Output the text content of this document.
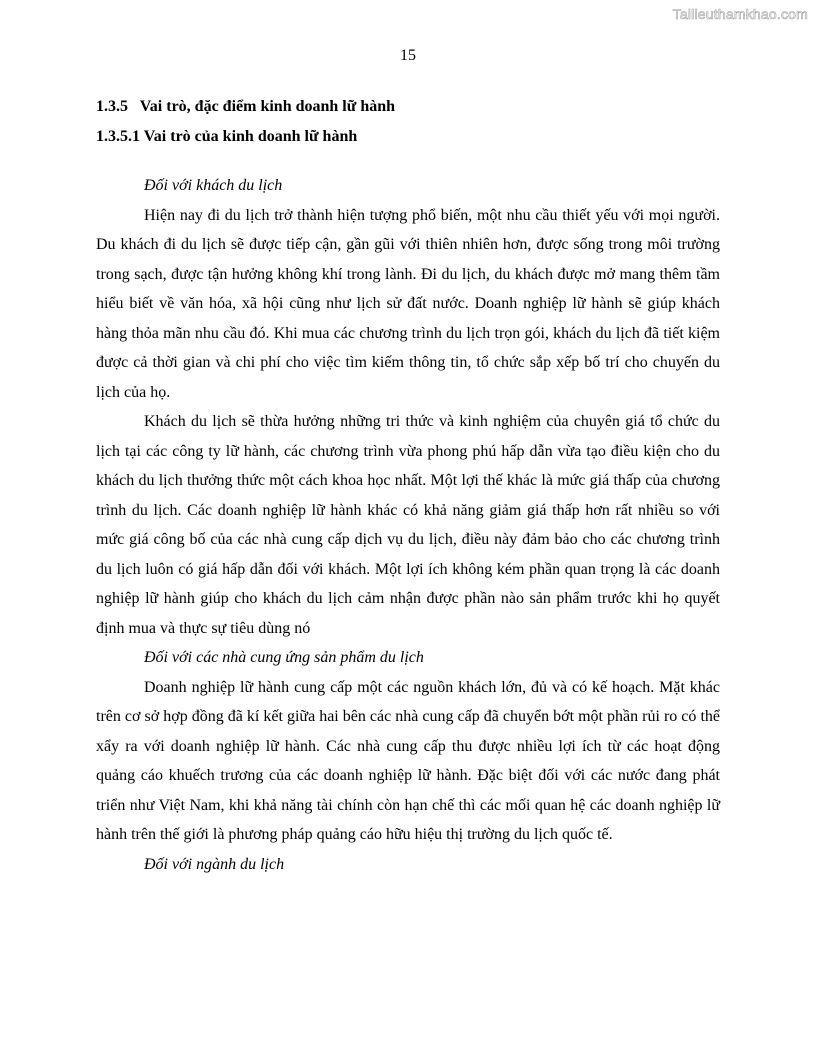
Tailieuthamkhao.com
15

1.3.5   Vai trò, đặc điểm kinh doanh lữ hành

1.3.5.1 Vai trò của kinh doanh lữ hành

Đối với khách du lịch

Hiện nay đi du lịch trở thành hiện tượng phổ biến, một nhu cầu thiết yếu với mọi người. Du khách đi du lịch sẽ được tiếp cận, gần gũi với thiên nhiên hơn, được sống trong môi trường trong sạch, được tận hưởng không khí trong lành. Đi du lịch, du khách được mở mang thêm tầm hiểu biết về văn hóa, xã hội cũng như lịch sử đất nước. Doanh nghiệp lữ hành sẽ giúp khách hàng thỏa mãn nhu cầu đó. Khi mua các chương trình du lịch trọn gói, khách du lịch đã tiết kiệm được cả thời gian và chi phí cho việc tìm kiếm thông tin, tổ chức sắp xếp bố trí cho chuyến du lịch của họ.

Khách du lịch sẽ thừa hưởng những tri thức và kinh nghiệm của chuyên giá tổ chức du lịch tại các công ty lữ hành, các chương trình vừa phong phú hấp dẫn vừa tạo điều kiện cho du khách du lịch thưởng thức một cách khoa học nhất. Một lợi thế khác là mức giá thấp của chương trình du lịch. Các doanh nghiệp lữ hành khác có khả năng giảm giá thấp hơn rất nhiều so với mức giá công bố của các nhà cung cấp dịch vụ du lịch, điều này đảm bảo cho các chương trình du lịch luôn có giá hấp dẫn đối với khách. Một lợi ích không kém phần quan trọng là các doanh nghiệp lữ hành giúp cho khách du lịch cảm nhận được phần nào sản phẩm trước khi họ quyết định mua và thực sự tiêu dùng nó

Đối với các nhà cung ứng sản phẩm du lịch

Doanh nghiệp lữ hành cung cấp một các nguồn khách lớn, đủ và có kế hoạch. Mặt khác trên cơ sở hợp đồng đã kí kết giữa hai bên các nhà cung cấp đã chuyển bớt một phần rủi ro có thể xẩy ra với doanh nghiệp lữ hành. Các nhà cung cấp thu được nhiều lợi ích từ các hoạt động quảng cáo khuếch trương của các doanh nghiệp lữ hành. Đặc biệt đối với các nước đang phát triển như Việt Nam, khi khả năng tài chính còn hạn chế thì các mối quan hệ các doanh nghiệp lữ hành trên thế giới là phương pháp quảng cáo hữu hiệu thị trường du lịch quốc tế.

Đối với ngành du lịch
